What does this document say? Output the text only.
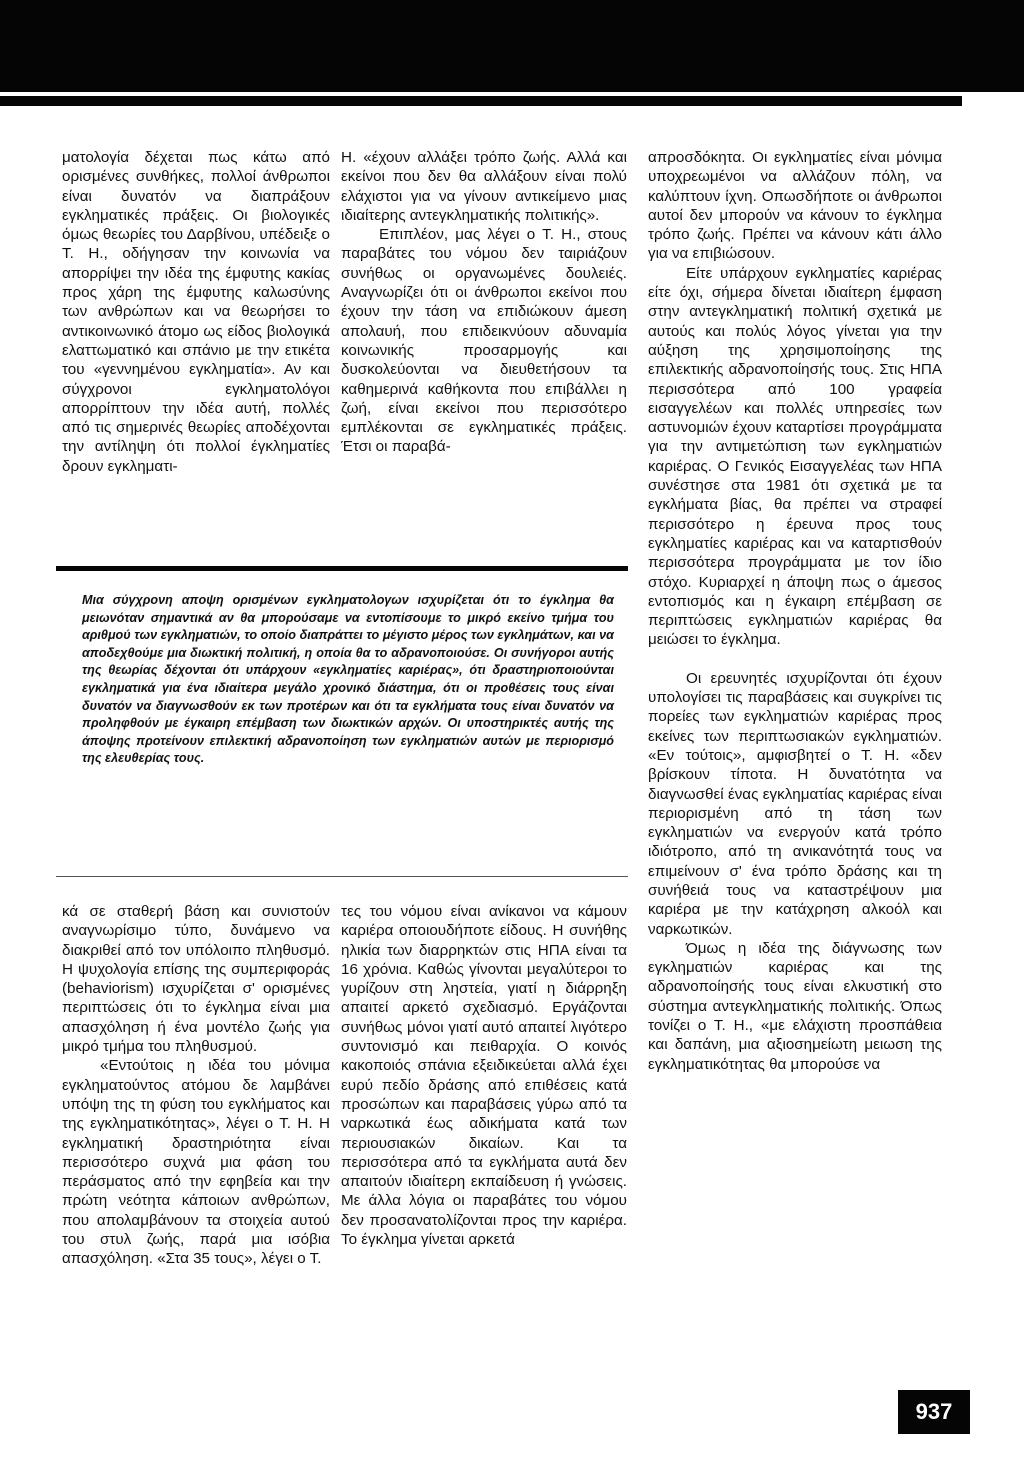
ματολογία δέχεται πως κάτω από ορισμένες συνθήκες, πολλοί άνθρωποι είναι δυνατόν να διαπράξουν εγκληματικές πράξεις. Οι βιολογικές όμως θεωρίες του Δαρβίνου, υπέδειξε ο Τ. Η., οδήγησαν την κοινωνία να απορρίψει την ιδέα της έμφυτης κακίας προς χάρη της έμφυτης καλωσύνης των ανθρώπων και να θεωρήσει το αντικοινωνικό άτομο ως είδος βιολογικά ελαττωματικό και σπάνιο με την ετικέτα του «γεννημένου εγκληματία». Αν και σύγχρονοι εγκληματολόγοι απορρίπτουν την ιδέα αυτή, πολλές από τις σημερινές θεωρίες αποδέχονται την αντίληψη ότι πολλοί έγκληματίες δρουν εγκληματι-

Η. «έχουν αλλάξει τρόπο ζωής. Αλλά και εκείνοι που δεν θα αλλάξουν είναι πολύ ελάχιστοι για να γίνουν αντικείμενο μιας ιδιαίτερης αντεγκληματικής πολιτικής».

Επιπλέον, μας λέγει ο Τ. Η., στους παραβάτες του νόμου δεν ταιριάζουν συνήθως οι οργανωμένες δουλειές. Αναγνωρίζει ότι οι άνθρωποι εκείνοι που έχουν την τάση να επιδιώκουν άμεση απολαυή, που επιδεικνύουν αδυναμία κοινωνικής προσαρμογής και δυσκολεύονται να διευθετήσουν τα καθημερινά καθήκοντα που επιβάλλει η ζωή, είναι εκείνοι που περισσότερο εμπλέκονται σε εγκληματικές πράξεις. Έτσι οι παραβά-

Μια σύγχρονη αποψη ορισμένων εγκληματολογων ισχυρίζεται ότι το έγκλημα θα μειωνόταν σημαντικά αν θα μπορούσαμε να εντοπίσουμε το μικρό εκείνο τμήμα του αριθμού των εγκληματιών, το οποίο διαπράττει το μέγιστο μέρος των εγκλημάτων, και να αποδεχθούμε μια διωκτική πολιτική, η οποία θα το αδρανοποιούσε. Οι συνήγοροι αυτής της θεωρίας δέχονται ότι υπάρχουν «εγκληματίες καριέρας», ότι δραστηριοποιούνται εγκληματικά για ένα ιδιαίτερα μεγάλο χρονικό διάστημα, ότι οι προθέσεις τους είναι δυνατόν να διαγνωσθούν εκ των προτέρων και ότι τα εγκλήματα τους είναι δυνατόν να προληφθούν με έγκαιρη επέμβαση των διωκτικών αρχών. Οι υποστηρικτές αυτής της άποψης προτείνουν επιλεκτική αδρανοποίηση των εγκληματιών αυτών με περιορισμό της ελευθερίας τους.

κά σε σταθερή βάση και συνιστούν αναγνωρίσιμο τύπο, δυνάμενο να διακριθεί από τον υπόλοιπο πληθυσμό. Η ψυχολογία επίσης της συμπεριφοράς (behaviorism) ισχυρίζεται σ' ορισμένες περιπτώσεις ότι το έγκλημα είναι μια απασχόληση ή ένα μοντέλο ζωής για μικρό τμήμα του πληθυσμού.

«Εντούτοις η ιδέα του μόνιμα εγκληματούντος ατόμου δε λαμβάνει υπόψη της τη φύση του εγκλήματος και της εγκληματικότητας», λέγει ο Τ. Η. Η εγκληματική δραστηριότητα είναι περισσότερο συχνά μια φάση του περάσματος από την εφηβεία και την πρώτη νεότητα κάποιων ανθρώπων, που απολαμβάνουν τα στοιχεία αυτού του στυλ ζωής, παρά μια ισόβια απασχόληση. «Στα 35 τους», λέγει ο Τ.

τες του νόμου είναι ανίκανοι να κάμουν καριέρα οποιουδήποτε είδους. Η συνήθης ηλικία των διαρρηκτών στις ΗΠΑ είναι τα 16 χρόνια. Καθώς γίνονται μεγαλύτεροι το γυρίζουν στη ληστεία, γιατί η διάρρηξη απαιτεί αρκετό σχεδιασμό. Εργάζονται συνήθως μόνοι γιατί αυτό απαιτεί λιγότερο συντονισμό και πειθαρχία. Ο κοινός κακοποιός σπάνια εξειδικεύεται αλλά έχει ευρύ πεδίο δράσης από επιθέσεις κατά προσώπων και παραβάσεις γύρω από τα ναρκωτικά έως αδικήματα κατά των περιουσιακών δικαίων. Και τα περισσότερα από τα εγκλήματα αυτά δεν απαιτούν ιδιαίτερη εκπαίδευση ή γνώσεις. Με άλλα λόγια οι παραβάτες του νόμου δεν προσανατολίζονται προς την καριέρα. Το έγκλημα γίνεται αρκετά

απροσδόκητα. Οι εγκληματίες είναι μόνιμα υποχρεωμένοι να αλλάζουν πόλη, να καλύπτουν ίχνη. Οπωσδήποτε οι άνθρωποι αυτοί δεν μπορούν να κάνουν το έγκλημα τρόπο ζωής. Πρέπει να κάνουν κάτι άλλο για να επιβιώσουν.

Είτε υπάρχουν εγκληματίες καριέρας είτε όχι, σήμερα δίνεται ιδιαίτερη έμφαση στην αντεγκληματική πολιτική σχετικά με αυτούς και πολύς λόγος γίνεται για την αύξηση της χρησιμοποίησης της επιλεκτικής αδρανοποίησής τους. Στις ΗΠΑ περισσότερα από 100 γραφεία εισαγγελέων και πολλές υπηρεσίες των αστυνομιών έχουν καταρτίσει προγράμματα για την αντιμετώπιση των εγκληματιών καριέρας. Ο Γενικός Εισαγγελέας των ΗΠΑ συνέστησε στα 1981 ότι σχετικά με τα εγκλήματα βίας, θα πρέπει να στραφεί περισσότερο η έρευνα προς τους εγκληματίες καριέρας και να καταρτισθούν περισσότερα προγράμματα με τον ίδιο στόχο. Κυριαρχεί η άποψη πως ο άμεσος εντοπισμός και η έγκαιρη επέμβαση σε περιπτώσεις εγκληματιών καριέρας θα μειώσει το έγκλημα.

Οι ερευνητές ισχυρίζονται ότι έχουν υπολογίσει τις παραβάσεις και συγκρίνει τις πορείες των εγκληματιών καριέρας προς εκείνες των περιπτωσιακών εγκληματιών. «Εν τούτοις», αμφισβητεί ο Τ. Η. «δεν βρίσκουν τίποτα. Η δυνατότητα να διαγνωσθεί ένας εγκληματίας καριέρας είναι περιορισμένη από τη τάση των εγκληματιών να ενεργούν κατά τρόπο ιδιότροπο, από τη ανικανότητά τους να επιμείνουν σ' ένα τρόπο δράσης και τη συνήθειά τους να καταστρέψουν μια καριέρα με την κατάχρηση αλκοόλ και ναρκωτικών.

Όμως η ιδέα της διάγνωσης των εγκληματιών καριέρας και της αδρανοποίησής τους είναι ελκυστική στο σύστημα αντεγκληματικής πολιτικής. Όπως τονίζει ο Τ. Η., «με ελάχιστη προσπάθεια και δαπάνη, μια αξιοσημείωτη μειωση της εγκληματικότητας θα μπορούσε να

937
